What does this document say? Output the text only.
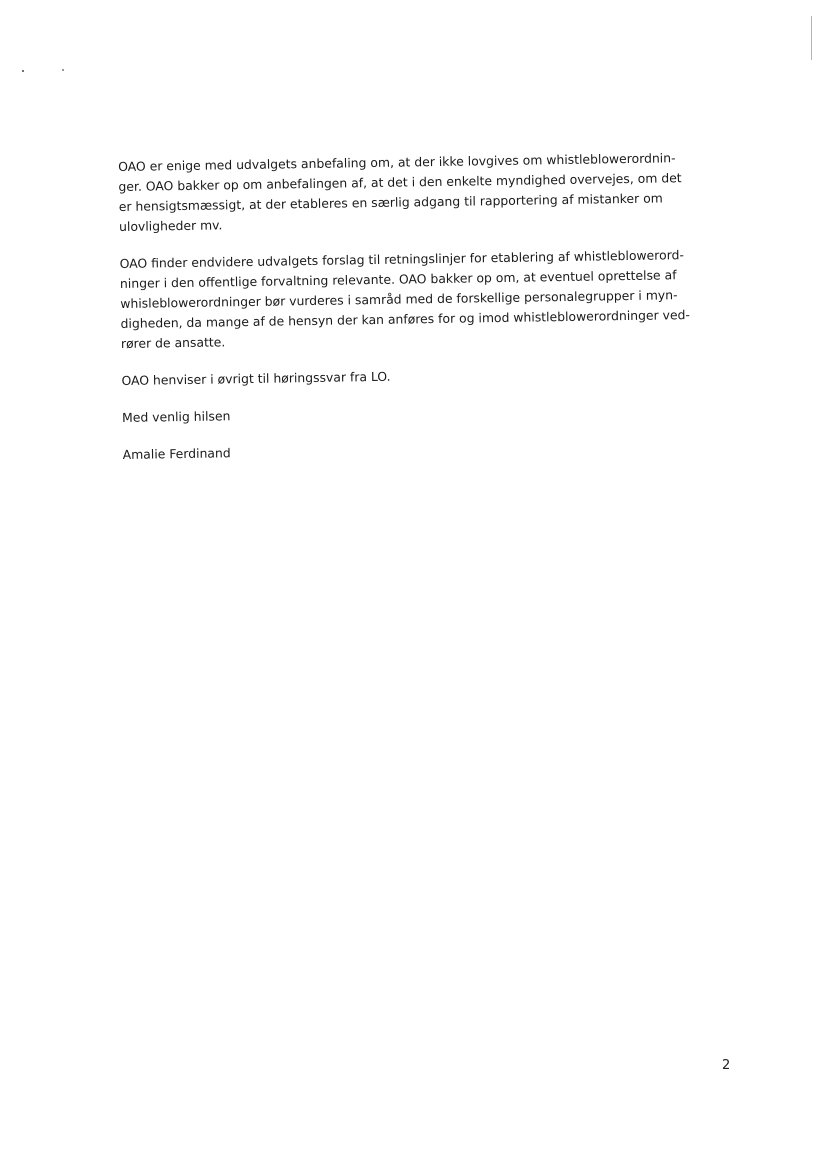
OAO er enige med udvalgets anbefaling om, at der ikke lovgives om whistleblowerordnin-
ger. OAO bakker op om anbefalingen af, at det i den enkelte myndighed overvejes, om det
er hensigtsmæssigt, at der etableres en særlig adgang til rapportering af mistanker om
ulovligheder mv.

OAO finder endvidere udvalgets forslag til retningslinjer for etablering af whistleblowerord-
ninger i den offentlige forvaltning relevante. OAO bakker op om, at eventuel oprettelse af
whisleblowerordninger bør vurderes i samråd med de forskellige personalegrupper i myn-
digheden, da mange af de hensyn der kan anføres for og imod whistleblowerordninger ved-
rører de ansatte.

OAO henviser i øvrigt til høringssvar fra LO.

Med venlig hilsen

Amalie Ferdinand

2
